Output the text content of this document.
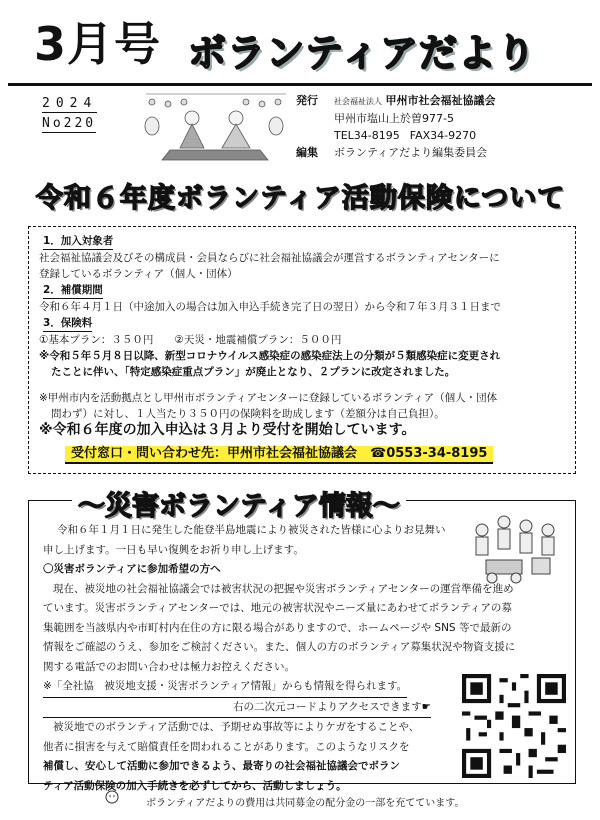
3月号 ボランティアだより
2024
No220
発行	社会福祉法人 甲州市社会福祉協議会
甲州市塩山上於曽977-5
TEL34-8195 FAX34-9270
編集	ボランティアだより編集委員会
令和６年度ボランティア活動保険について
1．加入対象者
社会福祉協議会及びその構成員・会員ならびに社会福祉協議会が運営するボランティアセンターに
登録しているボランティア（個人・団体）
2．補償期間
令和６年４月１日（中途加入の場合は加入申込手続き完了日の翌日）から令和７年３月３１日まで
3．保険料
①基本プラン：３５０円　　②天災・地震補償プラン：５００円
※令和５年５月８日以降、新型コロナウイルス感染症の感染症法上の分類が５類感染症に変更され
たことに伴い、「特定感染症重点プラン」が廃止となり、２プランに改定されました。
※甲州市内を活動拠点とし甲州市ボランティアセンターに登録しているボランティア（個人・団体
問わず）に対し、１人当たり３５０円の保険料を助成します（差額分は自己負担）。
※令和６年度の加入申込は３月より受付を開始しています。
受付窓口・問い合わせ先：甲州市社会福祉協議会　☎0553-34-8195

令和６年１月１日に発生した能登半島地震により被災された皆様に心よりお見舞い

申し上げます。一日も早い復興をお祈り申し上げます。

〇災害ボランティアに参加希望の方へ

現在、被災地の社会福祉協議会では被害状況の把握や災害ボランティアセンターの運営準備を進め

ています。災害ボランティアセンターでは、地元の被害状況やニーズ量にあわせてボランティアの募

集範囲を当該県内や市町村内在住の方に限る場合がありますので、ホームページや SNS 等で最新の

情報をご確認のうえ、参加をご検討ください。また、個人の方のボランティア募集状況や物資支援に

関する電話でのお問い合わせは極力お控えください。

※「全社協　被災地支援・災害ボランティア情報」からも情報を得られます。

右の二次元コードよりアクセスできます☛

被災地でのボランティア活動では、予期せぬ事故等によりケガをすることや、

他者に損害を与えて賠償責任を問われることがあります。このようなリスクを

補償し、安心して活動に参加できるよう、最寄りの社会福祉協議会でボラン

ティア活動保険の加入手続きを必ずしてから、活動しましょう。

～災害ボランティア情報～
ボランティアだよりの費用は共同募金の配分金の一部を充てています。
